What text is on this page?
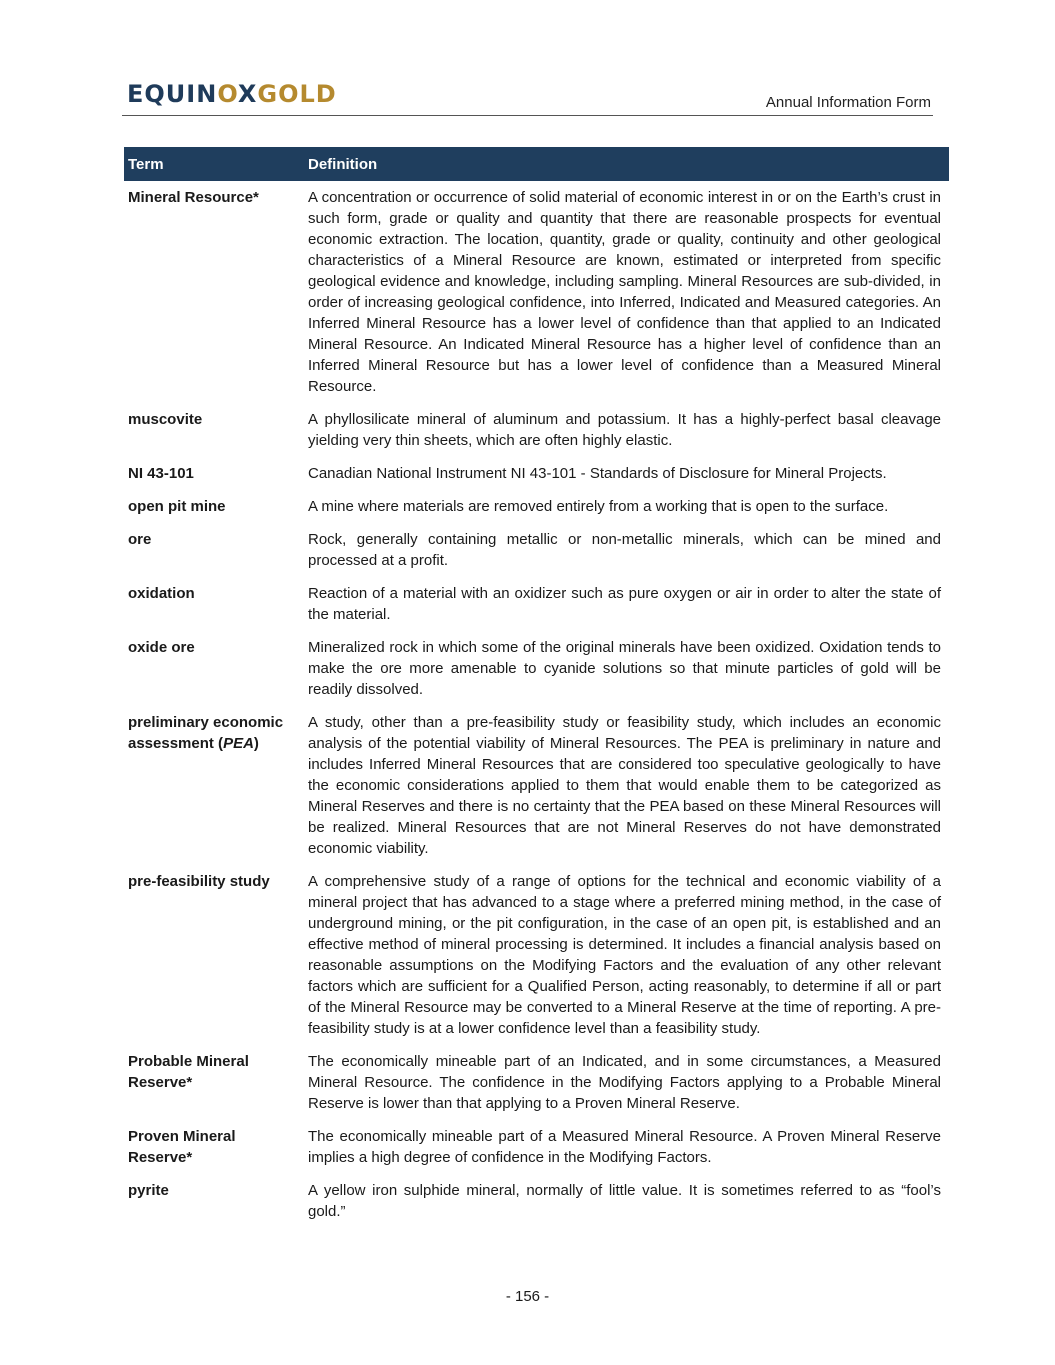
EQUINOXGOLD	Annual Information Form
Term	Definition
Mineral Resource*	A concentration or occurrence of solid material of economic interest in or on the Earth’s crust in such form, grade or quality and quantity that there are reasonable prospects for eventual economic extraction. The location, quantity, grade or quality, continuity and other geological characteristics of a Mineral Resource are known, estimated or interpreted from specific geological evidence and knowledge, including sampling. Mineral Resources are sub-divided, in order of increasing geological confidence, into Inferred, Indicated and Measured categories. An Inferred Mineral Resource has a lower level of confidence than that applied to an Indicated Mineral Resource. An Indicated Mineral Resource has a higher level of confidence than an Inferred Mineral Resource but has a lower level of confidence than a Measured Mineral Resource.
muscovite	A phyllosilicate mineral of aluminum and potassium. It has a highly-perfect basal cleavage yielding very thin sheets, which are often highly elastic.
NI 43-101	Canadian National Instrument NI 43-101 - Standards of Disclosure for Mineral Projects.
open pit mine	A mine where materials are removed entirely from a working that is open to the surface.
ore	Rock, generally containing metallic or non-metallic minerals, which can be mined and processed at a profit.
oxidation	Reaction of a material with an oxidizer such as pure oxygen or air in order to alter the state of the material.
oxide ore	Mineralized rock in which some of the original minerals have been oxidized. Oxidation tends to make the ore more amenable to cyanide solutions so that minute particles of gold will be readily dissolved.
preliminary economic assessment (PEA)	A study, other than a pre-feasibility study or feasibility study, which includes an economic analysis of the potential viability of Mineral Resources. The PEA is preliminary in nature and includes Inferred Mineral Resources that are considered too speculative geologically to have the economic considerations applied to them that would enable them to be categorized as Mineral Reserves and there is no certainty that the PEA based on these Mineral Resources will be realized. Mineral Resources that are not Mineral Reserves do not have demonstrated economic viability.
pre-feasibility study	A comprehensive study of a range of options for the technical and economic viability of a mineral project that has advanced to a stage where a preferred mining method, in the case of underground mining, or the pit configuration, in the case of an open pit, is established and an effective method of mineral processing is determined. It includes a financial analysis based on reasonable assumptions on the Modifying Factors and the evaluation of any other relevant factors which are sufficient for a Qualified Person, acting reasonably, to determine if all or part of the Mineral Resource may be converted to a Mineral Reserve at the time of reporting. A pre-feasibility study is at a lower confidence level than a feasibility study.
Probable Mineral Reserve*	The economically mineable part of an Indicated, and in some circumstances, a Measured Mineral Resource. The confidence in the Modifying Factors applying to a Probable Mineral Reserve is lower than that applying to a Proven Mineral Reserve.
Proven Mineral Reserve*	The economically mineable part of a Measured Mineral Resource. A Proven Mineral Reserve implies a high degree of confidence in the Modifying Factors.
pyrite	A yellow iron sulphide mineral, normally of little value. It is sometimes referred to as “fool’s gold.”
- 156 -
